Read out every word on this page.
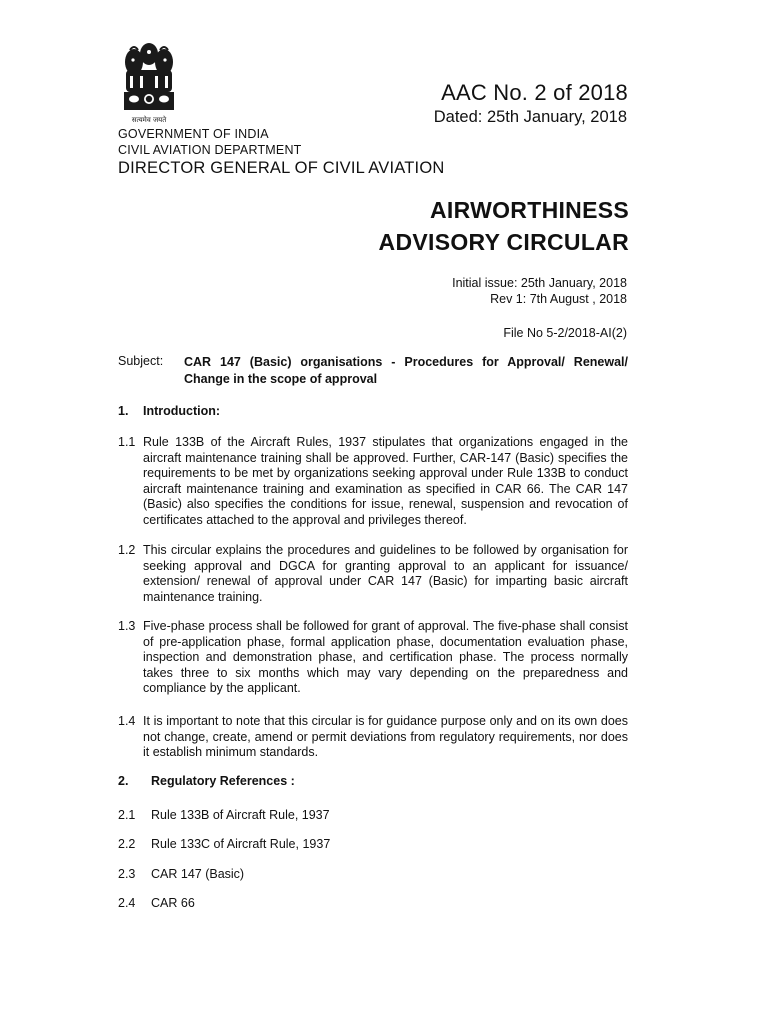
सत्यमेव जयते
AAC No. 2 of 2018
Dated: 25th January, 2018
GOVERNMENT OF INDIA
CIVIL AVIATION DEPARTMENT
DIRECTOR GENERAL OF CIVIL AVIATION
AIRWORTHINESS
ADVISORY CIRCULAR
Initial issue: 25th January, 2018
Rev 1: 7th August , 2018
File No 5-2/2018-AI(2)
Subject: CAR 147 (Basic) organisations - Procedures for Approval/ Renewal/ Change in the scope of approval
1. Introduction:
1.1 Rule 133B of the Aircraft Rules, 1937 stipulates that organizations engaged in the aircraft maintenance training shall be approved. Further, CAR-147 (Basic) specifies the requirements to be met by organizations seeking approval under Rule 133B to conduct aircraft maintenance training and examination as specified in CAR 66. The CAR 147 (Basic) also specifies the conditions for issue, renewal, suspension and revocation of certificates attached to the approval and privileges thereof.
1.2 This circular explains the procedures and guidelines to be followed by organisation for seeking approval and DGCA for granting approval to an applicant for issuance/ extension/ renewal of approval under CAR 147 (Basic) for imparting basic aircraft maintenance training.
1.3 Five-phase process shall be followed for grant of approval. The five-phase shall consist of pre-application phase, formal application phase, documentation evaluation phase, inspection and demonstration phase, and certification phase. The process normally takes three to six months which may vary depending on the preparedness and compliance by the applicant.
1.4 It is important to note that this circular is for guidance purpose only and on its own does not change, create, amend or permit deviations from regulatory requirements, nor does it establish minimum standards.
2. Regulatory References :
2.1 Rule 133B of Aircraft Rule, 1937
2.2 Rule 133C of Aircraft Rule, 1937
2.3 CAR 147 (Basic)
2.4 CAR 66
